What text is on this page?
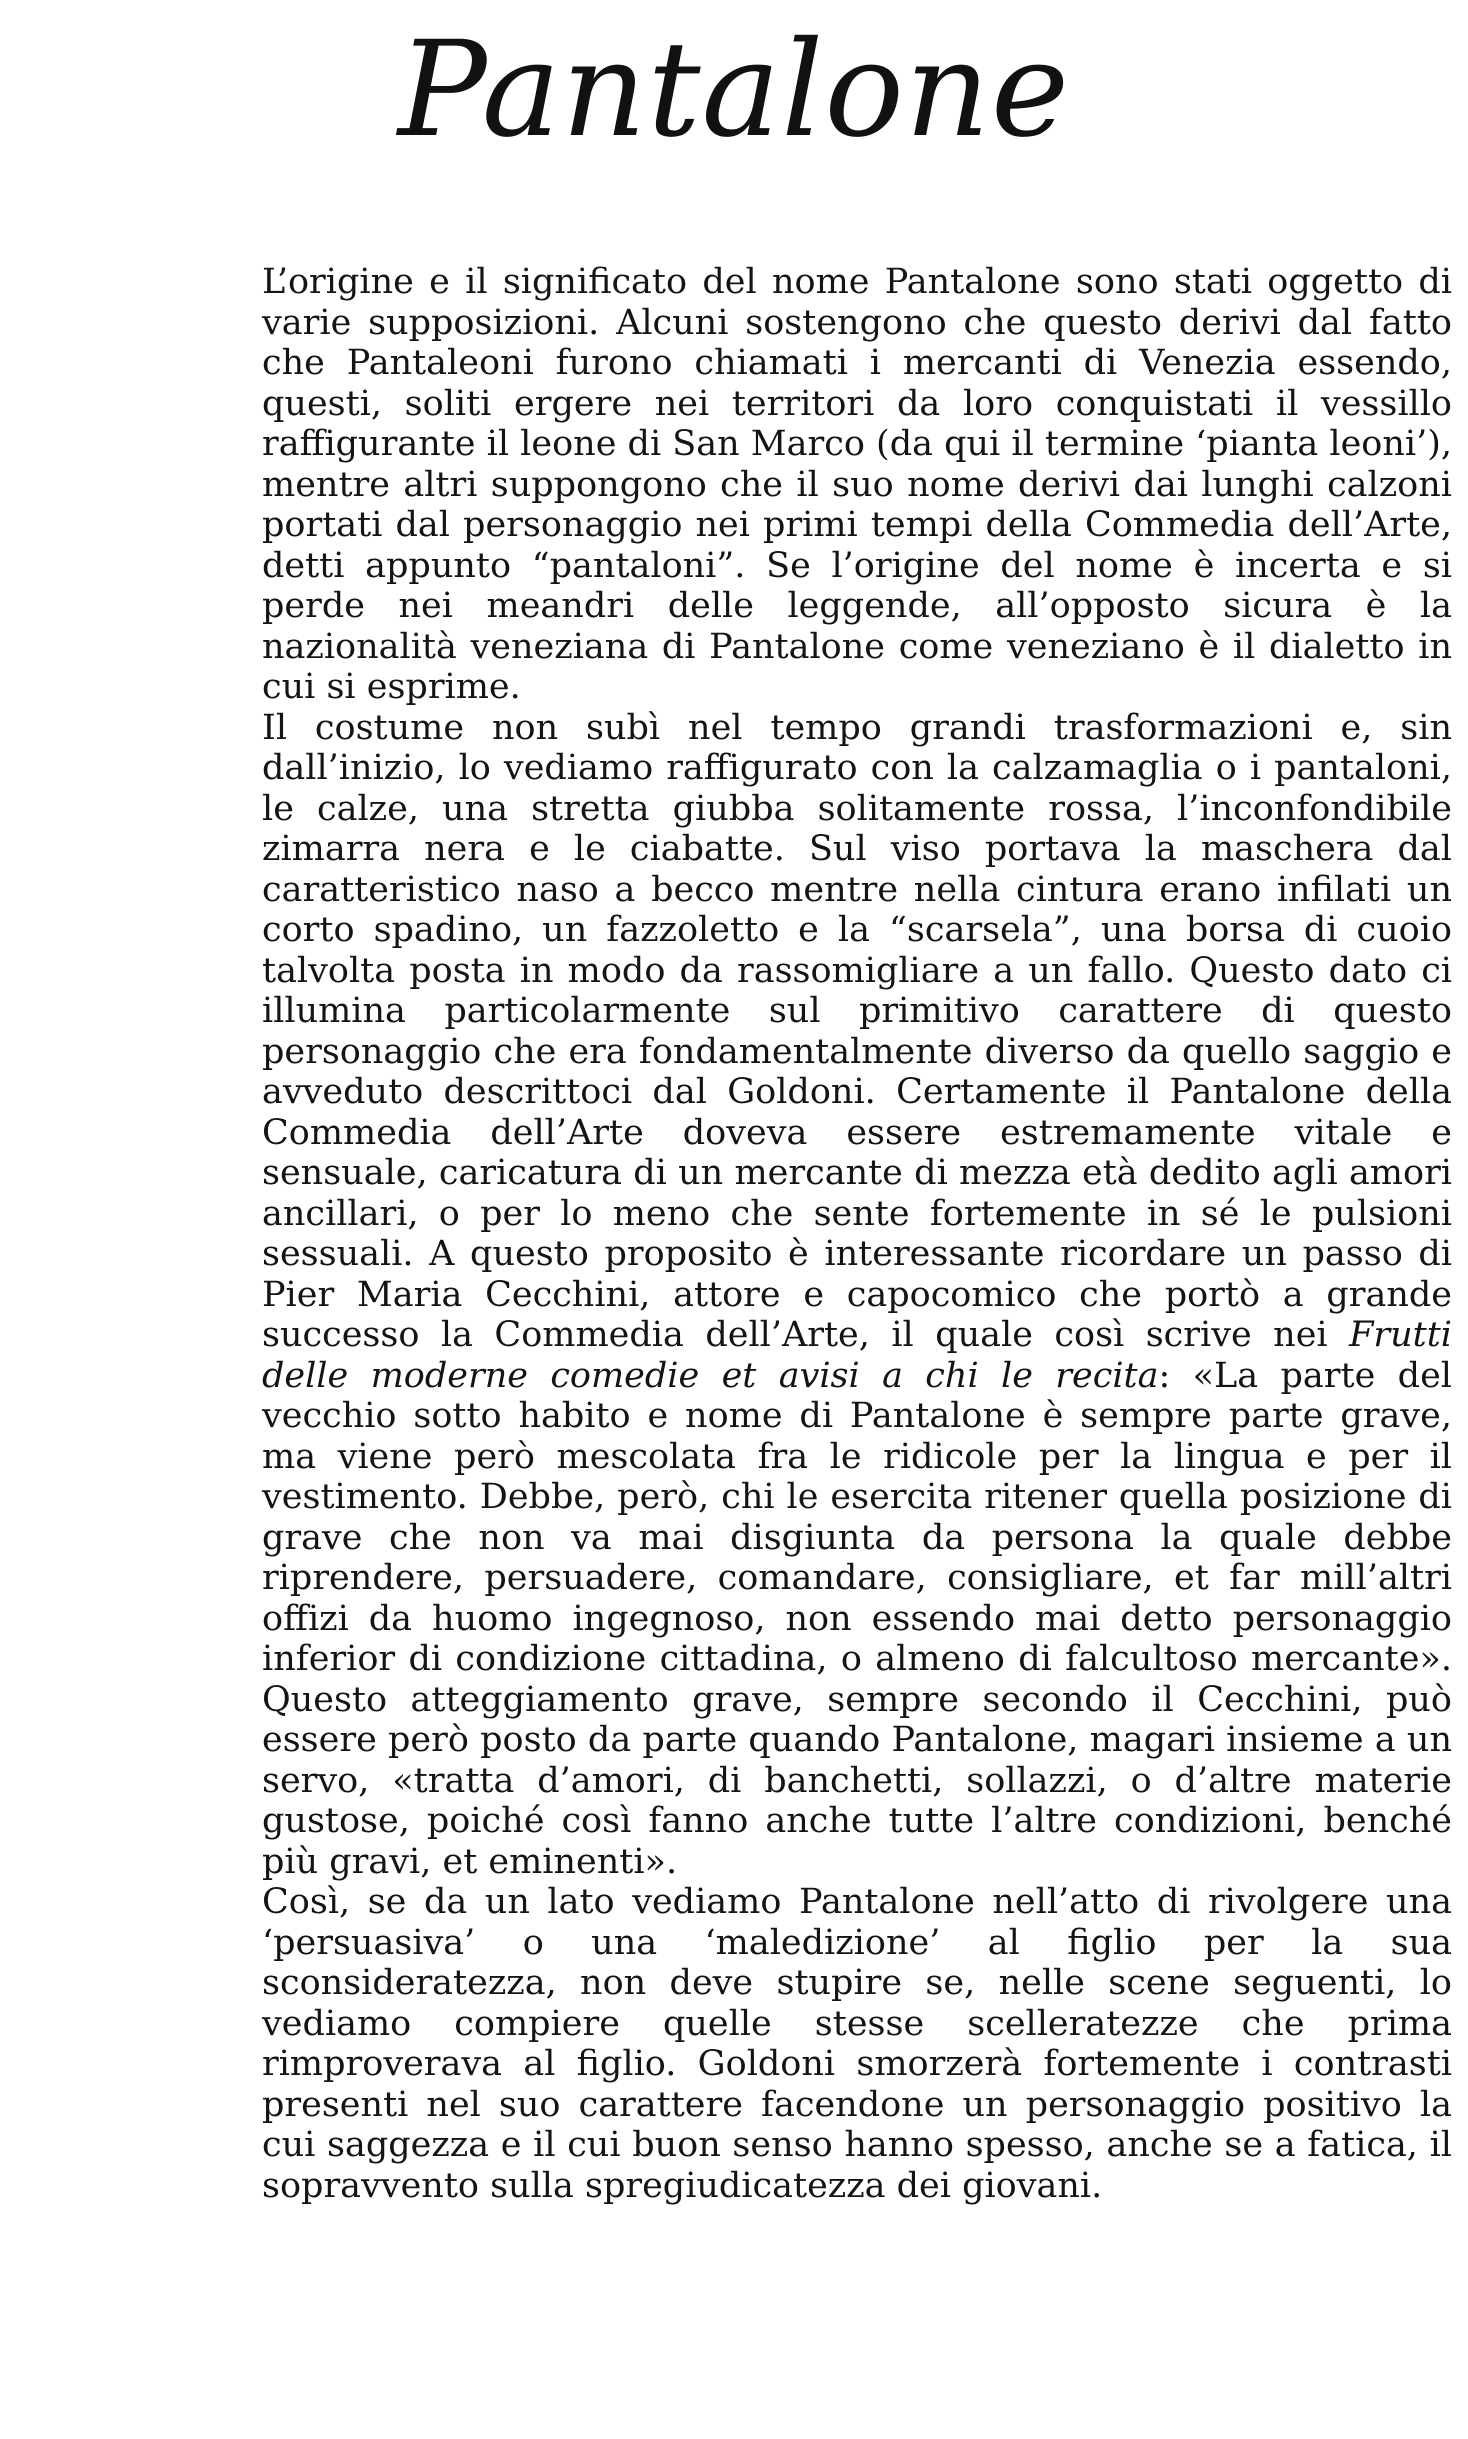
Pantalone

L’origine e il significato del nome Pantalone sono stati oggetto di varie supposizioni. Alcuni sostengono che questo derivi dal fatto che Pantaleoni furono chiamati i mercanti di Venezia essendo, questi, soliti ergere nei territori da loro conquistati il vessillo raffigurante il leone di San Marco (da qui il termine ‘pianta leoni’), mentre altri suppongono che il suo nome derivi dai lunghi calzoni portati dal personaggio nei primi tempi della Commedia dell’Arte, detti appunto “pantaloni”. Se l’origine del nome è incerta e si perde nei meandri delle leggende, all’opposto sicura è la nazionalità veneziana di Pantalone come veneziano è il dialetto in cui si esprime.

Il costume non subì nel tempo grandi trasformazioni e, sin dall’inizio, lo vediamo raffigurato con la calzamaglia o i pantaloni, le calze, una stretta giubba solitamente rossa, l’inconfondibile zimarra nera e le ciabatte. Sul viso portava la maschera dal caratteristico naso a becco mentre nella cintura erano infilati un corto spadino, un fazzoletto e la “scarsela”, una borsa di cuoio talvolta posta in modo da rassomigliare a un fallo. Questo dato ci illumina particolarmente sul primitivo carattere di questo personaggio che era fondamentalmente diverso da quello saggio e avveduto descrittoci dal Goldoni. Certamente il Pantalone della Commedia dell’Arte doveva essere estremamente vitale e sensuale, caricatura di un mercante di mezza età dedito agli amori ancillari, o per lo meno che sente fortemente in sé le pulsioni sessuali. A questo proposito è interessante ricordare un passo di Pier Maria Cecchini, attore e capocomico che portò a grande successo la Commedia dell’Arte, il quale così scrive nei Frutti delle moderne comedie et avisi a chi le recita: «La parte del vecchio sotto habito e nome di Pantalone è sempre parte grave, ma viene però mescolata fra le ridicole per la lingua e per il vestimento. Debbe, però, chi le esercita ritener quella posizione di grave che non va mai disgiunta da persona la quale debbe riprendere, persuadere, comandare, consigliare, et far mill’altri offizi da huomo ingegnoso, non essendo mai detto personaggio inferior di condizione cittadina, o almeno di falcultoso mercante». Questo atteggiamento grave, sempre secondo il Cecchini, può essere però posto da parte quando Pantalone, magari insieme a un servo, «tratta d’amori, di banchetti, sollazzi, o d’altre materie gustose, poiché così fanno anche tutte l’altre condizioni, benché più gravi, et eminenti».

Così, se da un lato vediamo Pantalone nell’atto di rivolgere una ‘persuasiva’ o una ‘maledizione’ al figlio per la sua sconsideratezza, non deve stupire se, nelle scene seguenti, lo vediamo compiere quelle stesse scelleratezze che prima rimproverava al figlio. Goldoni smorzerà fortemente i contrasti presenti nel suo carattere facendone un personaggio positivo la cui saggezza e il cui buon senso hanno spesso, anche se a fatica, il sopravvento sulla spregiudicatezza dei giovani.
